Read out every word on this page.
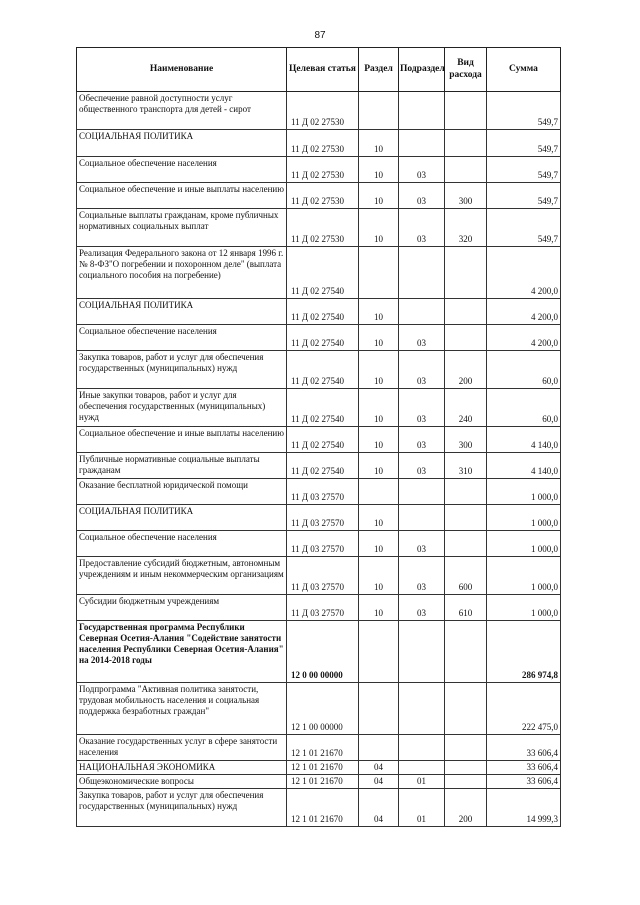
87
Наименование	Целевая статья	Раздел	Подраздел	Вид расхода	Сумма
Обеспечение равной доступности услуг общественного транспорта для детей - сирот	11 Д 02 27530				549,7
СОЦИАЛЬНАЯ ПОЛИТИКА	11 Д 02 27530	10			549,7
Социальное обеспечение населения	11 Д 02 27530	10	03		549,7
Социальное обеспечение и иные выплаты населению	11 Д 02 27530	10	03	300	549,7
Социальные выплаты гражданам, кроме публичных нормативных социальных выплат	11 Д 02 27530	10	03	320	549,7
Реализация Федерального закона от 12 января 1996 г. № 8-ФЗ"О погребении и похоронном деле" (выплата социального пособия на погребение)	11 Д 02 27540				4 200,0
СОЦИАЛЬНАЯ ПОЛИТИКА	11 Д 02 27540	10			4 200,0
Социальное обеспечение населения	11 Д 02 27540	10	03		4 200,0
Закупка товаров, работ и услуг для обеспечения государственных (муниципальных) нужд	11 Д 02 27540	10	03	200	60,0
Иные закупки товаров, работ и услуг для обеспечения государственных (муниципальных) нужд	11 Д 02 27540	10	03	240	60,0
Социальное обеспечение и иные выплаты населению	11 Д 02 27540	10	03	300	4 140,0
Публичные нормативные социальные выплаты гражданам	11 Д 02 27540	10	03	310	4 140,0
Оказание бесплатной юридической помощи	11 Д 03 27570				1 000,0
СОЦИАЛЬНАЯ ПОЛИТИКА	11 Д 03 27570	10			1 000,0
Социальное обеспечение населения	11 Д 03 27570	10	03		1 000,0
Предоставление субсидий бюджетным, автономным учреждениям и иным некоммерческим организациям	11 Д 03 27570	10	03	600	1 000,0
Субсидии бюджетным учреждениям	11 Д 03 27570	10	03	610	1 000,0
Государственная программа Республики Северная Осетия-Алания "Содействие занятости населения Республики Северная Осетия-Алания" на 2014-2018 годы	12 0 00 00000				286 974,8
Подпрограмма "Активная политика занятости, трудовая мобильность населения и социальная поддержка безработных граждан"	12 1 00 00000				222 475,0
Оказание государственных услуг в сфере занятости населения	12 1 01 21670				33 606,4
НАЦИОНАЛЬНАЯ ЭКОНОМИКА	12 1 01 21670	04			33 606,4
Общеэкономические вопросы	12 1 01 21670	04	01		33 606,4
Закупка товаров, работ и услуг для обеспечения государственных (муниципальных) нужд	12 1 01 21670	04	01	200	14 999,3
